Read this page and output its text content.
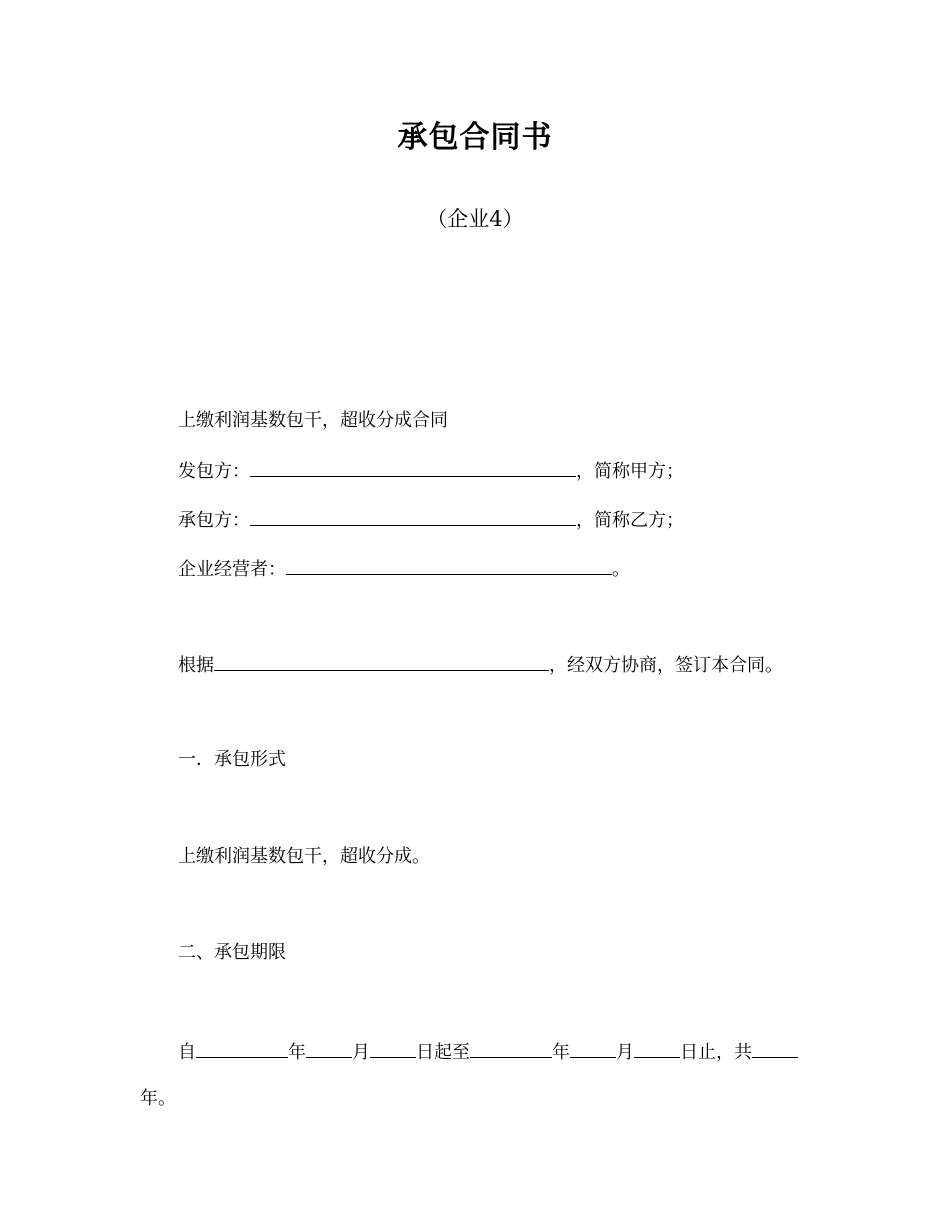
承包合同书
（企业4）
上缴利润基数包干，超收分成合同
发包方：	，简称甲方；
承包方：	，简称乙方；
企业经营者：	。
根据	，经双方协商，签订本合同。
一．承包形式
上缴利润基数包干，超收分成。
二、承包期限
自	年	月	日起至	年	月	日止，共
年。
